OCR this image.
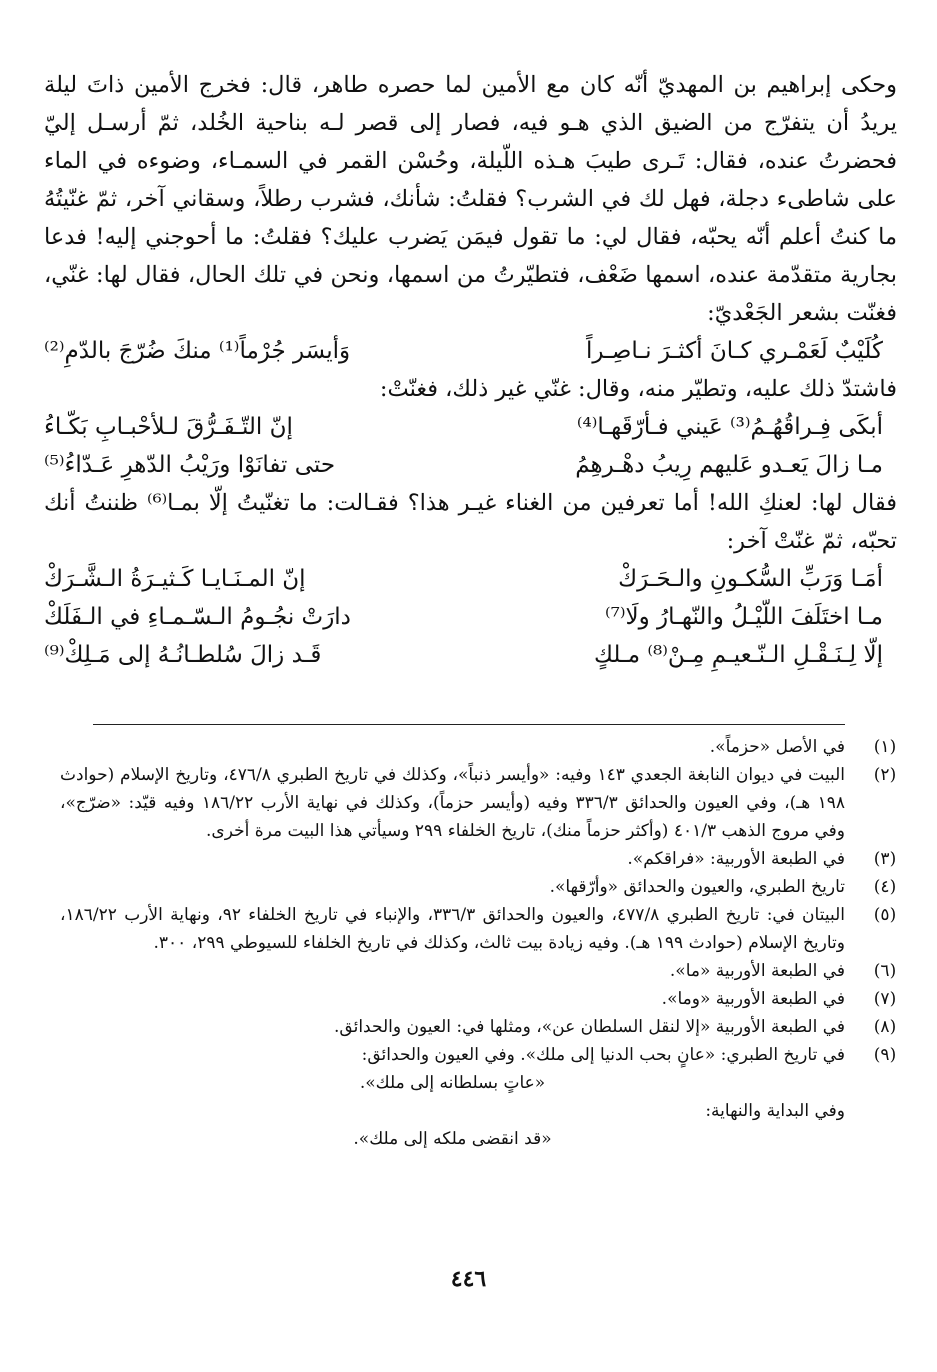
وحكى إبراهيم بن المهديّ أنّه كان مع الأمين لما حصره طاهر، قال: فخرج الأمين ذاتَ ليلة يريدُ أن يتفرّج من الضيق الذي هـو فيه، فصار إلى قصر لـه بناحية الخُلد، ثمّ أرسـل إليّ فحضرتُ عنده، فقال: تَـرى طيبَ هـذه اللّيلة، وحُسْن القمر في السمـاء، وضوءه في الماء على شاطىء دجلة، فهل لك في الشرب؟ فقلتُ: شأنك، فشرب رطلاً، وسقاني آخر، ثمّ غنّيتُهُ ما كنتُ أعلم أنّه يحبّه، فقال لي: ما تقول فيمَن يَضرب عليك؟ فقلتُ: ما أحوجني إليه! فدعا بجارية متقدّمة عنده، اسمها ضَعْف، فتطيّرتُ من اسمها، ونحن في تلك الحال، فقال لها: غنّي، فغنّت بشعر الجَعْديّ:

كُلَيْبٌ لَعَمْـري كـانَ أكثـرَ نـاصِـراً
وَأيسَر جُرْماً⁽¹⁾ منكَ ضُرّجَ بالدّمِ⁽²⁾

فاشتدّ ذلك عليه، وتطيّر منه، وقال: غنّي غير ذلك، فغنّتْ:

أبكَى فِـراقُهُـمُ⁽³⁾ عَيني فـأرّقَهـا⁽⁴⁾
إنّ التّـفَـرُّقَ لـلأحْبـابِ بَكّـاءُ
مـا زالَ يَعـدو عَليهم رِيبُ دهْـرهِمُ
حتى تفانَوْا ورَيْبُ الدّهرِ عَـدّاءُ⁽⁵⁾

فقال لها: لعنكِ الله! أما تعرفين من الغناء غيـر هذا؟ فقـالت: ما تغنّيتُ إلّا بمـا⁽⁶⁾ ظننتُ أنك تحبّه، ثمّ غنّتْ آخر:

أمَـا وَرَبِّ السُّكـونِ والـحَـرَكْ
إنّ المـنَـايـا كَـثيـرَةُ الـشَّـرَكْ
مـا اختَلَفَ اللّيْـلُ والنّهـارُ ولَا⁽⁷⁾
دارَتْ نجُـومُ الـسّـمـاءِ في الـفَلَكْ
إلّا لِـنَـقْـلِ الـنّـعيـمِ مِـنْ⁽⁸⁾ مـلكٍ
قَـد زالَ سُلطـانُـهُ إلى مَـلِكْ⁽⁹⁾
(١)
في الأصل «حزماً».
(٢)
البيت في ديوان النابغة الجعدي ١٤٣ وفيه: «وأيسر ذنباً»، وكذلك في تاريخ الطبري ٤٧٦/٨، وتاريخ الإسلام (حوادث ١٩٨ هـ)، وفي العيون والحدائق ٣٣٦/٣ وفيه (وأيسر حزماً)، وكذلك في نهاية الأرب ١٨٦/٢٢ وفيه قيّد: «ضرّج»، وفي مروج الذهب ٤٠١/٣ (وأكثر حزماً منك)، تاريخ الخلفاء ٢٩٩ وسيأتي هذا البيت مرة أخرى.
(٣)
في الطبعة الأوربية: «فراقكم».
(٤)
تاريخ الطبري، والعيون والحدائق «وأرّقها».
(٥)
البيتان في: تاريخ الطبري ٤٧٧/٨، والعيون والحدائق ٣٣٦/٣، والإنباء في تاريخ الخلفاء ٩٢، ونهاية الأرب ١٨٦/٢٢، وتاريخ الإسلام (حوادث ١٩٩ هـ). وفيه زيادة بيت ثالث، وكذلك في تاريخ الخلفاء للسيوطي ٢٩٩، ٣٠٠.
(٦)
في الطبعة الأوربية «ما».
(٧)
في الطبعة الأوربية «وما».
(٨)
في الطبعة الأوربية «إلا لنقل السلطان عن»، ومثلها في: العيون والحدائق.
(٩)
في تاريخ الطبري: «عانٍ بحب الدنيا إلى ملك». وفي العيون والحدائق:
«عاتٍ بسلطانه إلى ملك».
وفي البداية والنهاية:
«قد انقضى ملكه إلى ملك».
٤٤٦
